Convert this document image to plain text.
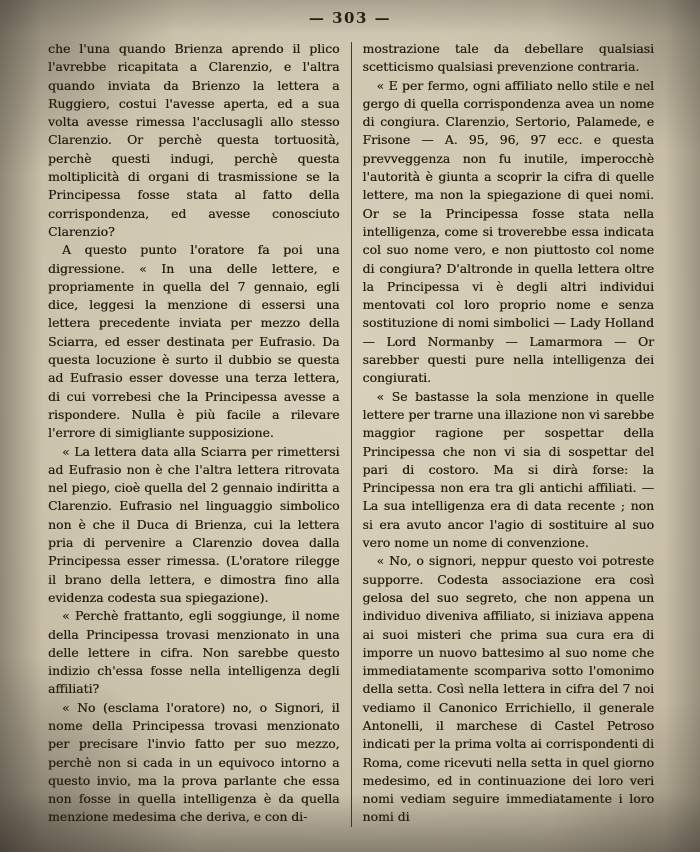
— 303 —

che l'una quando Brienza aprendo il plico l'avrebbe ricapitata a Clarenzio, e l'altra quando inviata da Brienzo la lettera a Ruggiero, costui l'avesse aperta, ed a sua volta avesse rimessa l'acclusagli allo stesso Clarenzio. Or perchè questa tortuosità, perchè questi indugi, perchè questa moltiplicità di organi di trasmissione se la Principessa fosse stata al fatto della corrispondenza, ed avesse conosciuto Clarenzio?

A questo punto l'oratore fa poi una digressione. « In una delle lettere, e propriamente in quella del 7 gennaio, egli dice, leggesi la menzione di essersi una lettera precedente inviata per mezzo della Sciarra, ed esser destinata per Eufrasio. Da questa locuzione è surto il dubbio se questa ad Eufrasio esser dovesse una terza lettera, di cui vorrebesi che la Principessa avesse a rispondere. Nulla è più facile a rilevare l'errore di simigliante supposizione.

« La lettera data alla Sciarra per rimettersi ad Eufrasio non è che l'altra lettera ritrovata nel piego, cioè quella del 2 gennaio indiritta a Clarenzio. Eufrasio nel linguaggio simbolico non è che il Duca di Brienza, cui la lettera pria di pervenire a Clarenzio dovea dalla Principessa esser rimessa. (L'oratore rilegge il brano della lettera, e dimostra fino alla evidenza codesta sua spiegazione).

« Perchè frattanto, egli soggiunge, il nome della Principessa trovasi menzionato in una delle lettere in cifra. Non sarebbe questo indizio ch'essa fosse nella intelligenza degli affiliati?

« No (esclama l'oratore) no, o Signori, il nome della Principessa trovasi menzionato per precisare l'invio fatto per suo mezzo, perchè non si cada in un equivoco intorno a questo invio, ma la prova parlante che essa non fosse in quella intelligenza è da quella menzione medesima che deriva, e con di-

mostrazione tale da debellare qualsiasi scetticismo qualsiasi prevenzione contraria.

« E per fermo, ogni affiliato nello stile e nel gergo di quella corrispondenza avea un nome di congiura. Clarenzio, Sertorio, Palamede, e Frisone — A. 95, 96, 97 ecc. e questa prevveggenza non fu inutile, imperocchè l'autorità è giunta a scoprir la cifra di quelle lettere, ma non la spiegazione di quei nomi. Or se la Principessa fosse stata nella intelligenza, come si troverebbe essa indicata col suo nome vero, e non piuttosto col nome di congiura? D'altronde in quella lettera oltre la Principessa vi è degli altri individui mentovati col loro proprio nome e senza sostituzione di nomi simbolici — Lady Holland — Lord Normanby — Lamarmora — Or sarebber questi pure nella intelligenza dei congiurati.

« Se bastasse la sola menzione in quelle lettere per trarne una illazione non vi sarebbe maggior ragione per sospettar della Principessa che non vi sia di sospettar del pari di costoro. Ma si dirà forse: la Principessa non era tra gli antichi affiliati. — La sua intelligenza era di data recente ; non si era avuto ancor l'agio di sostituire al suo vero nome un nome di convenzione.

« No, o signori, neppur questo voi potreste supporre. Codesta associazione era così gelosa del suo segreto, che non appena un individuo diveniva affiliato, si iniziava appena ai suoi misteri che prima sua cura era di imporre un nuovo battesimo al suo nome che immediatamente scompariva sotto l'omonimo della setta. Così nella lettera in cifra del 7 noi vediamo il Canonico Errichiello, il generale Antonelli, il marchese di Castel Petroso indicati per la prima volta ai corrispondenti di Roma, come ricevuti nella setta in quel giorno medesimo, ed in continuazione dei loro veri nomi vediam seguire immediatamente i loro nomi di
